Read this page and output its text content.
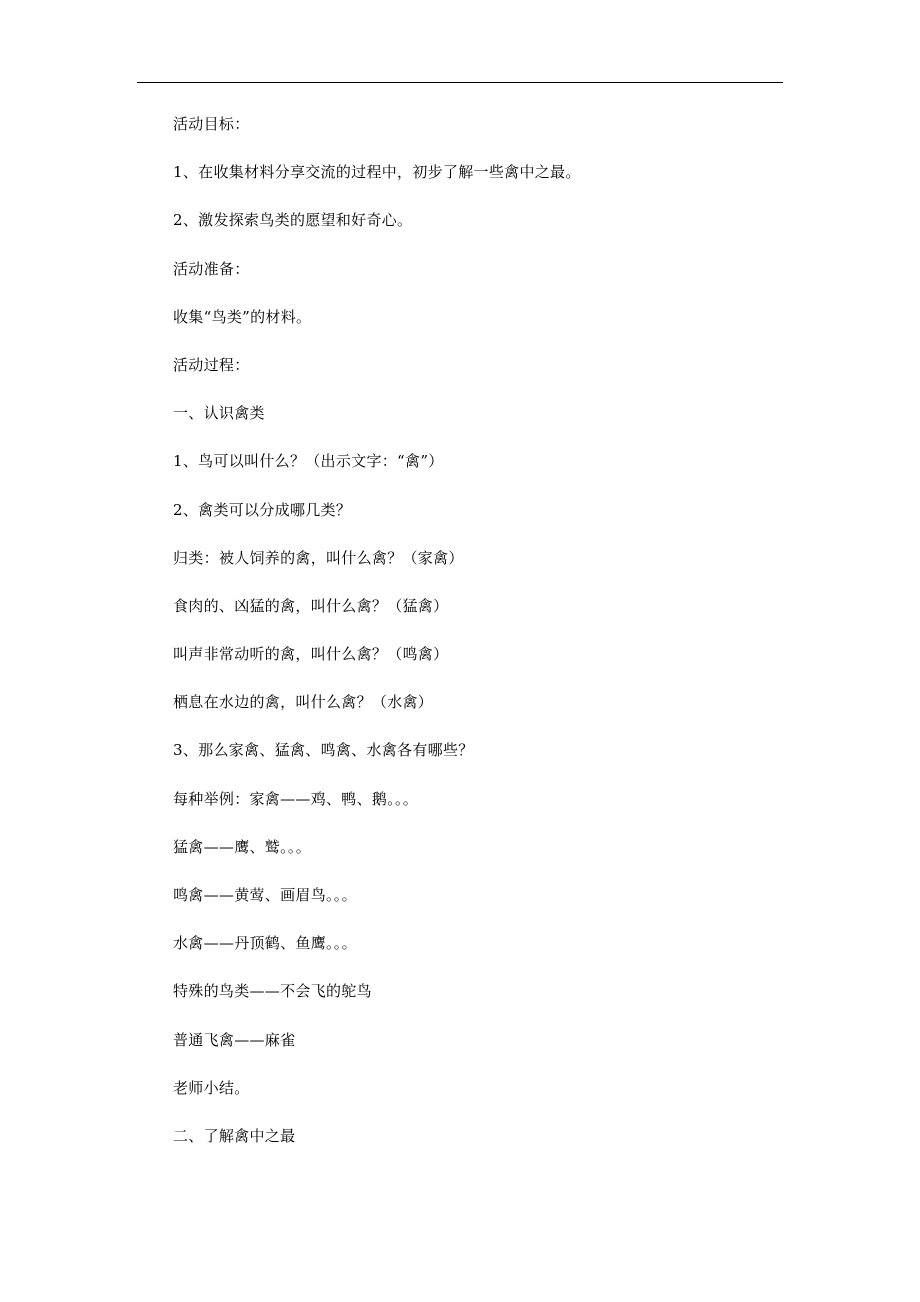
活动目标：
1、在收集材料分享交流的过程中，初步了解一些禽中之最。
2、激发探索鸟类的愿望和好奇心。
活动准备：
收集“鸟类”的材料。
活动过程：
一、认识禽类
1、鸟可以叫什么？（出示文字：“禽”）
2、禽类可以分成哪几类？
归类：被人饲养的禽，叫什么禽？（家禽）
食肉的、凶猛的禽，叫什么禽？（猛禽）
叫声非常动听的禽，叫什么禽？（鸣禽）
栖息在水边的禽，叫什么禽？（水禽）
3、那么家禽、猛禽、鸣禽、水禽各有哪些？
每种举例：家禽——鸡、鸭、鹅。。。
猛禽——鹰、鹫。。。
鸣禽——黄莺、画眉鸟。。。
水禽——丹顶鹤、鱼鹰。。。
特殊的鸟类——不会飞的鸵鸟
普通飞禽——麻雀
老师小结。
二、了解禽中之最
